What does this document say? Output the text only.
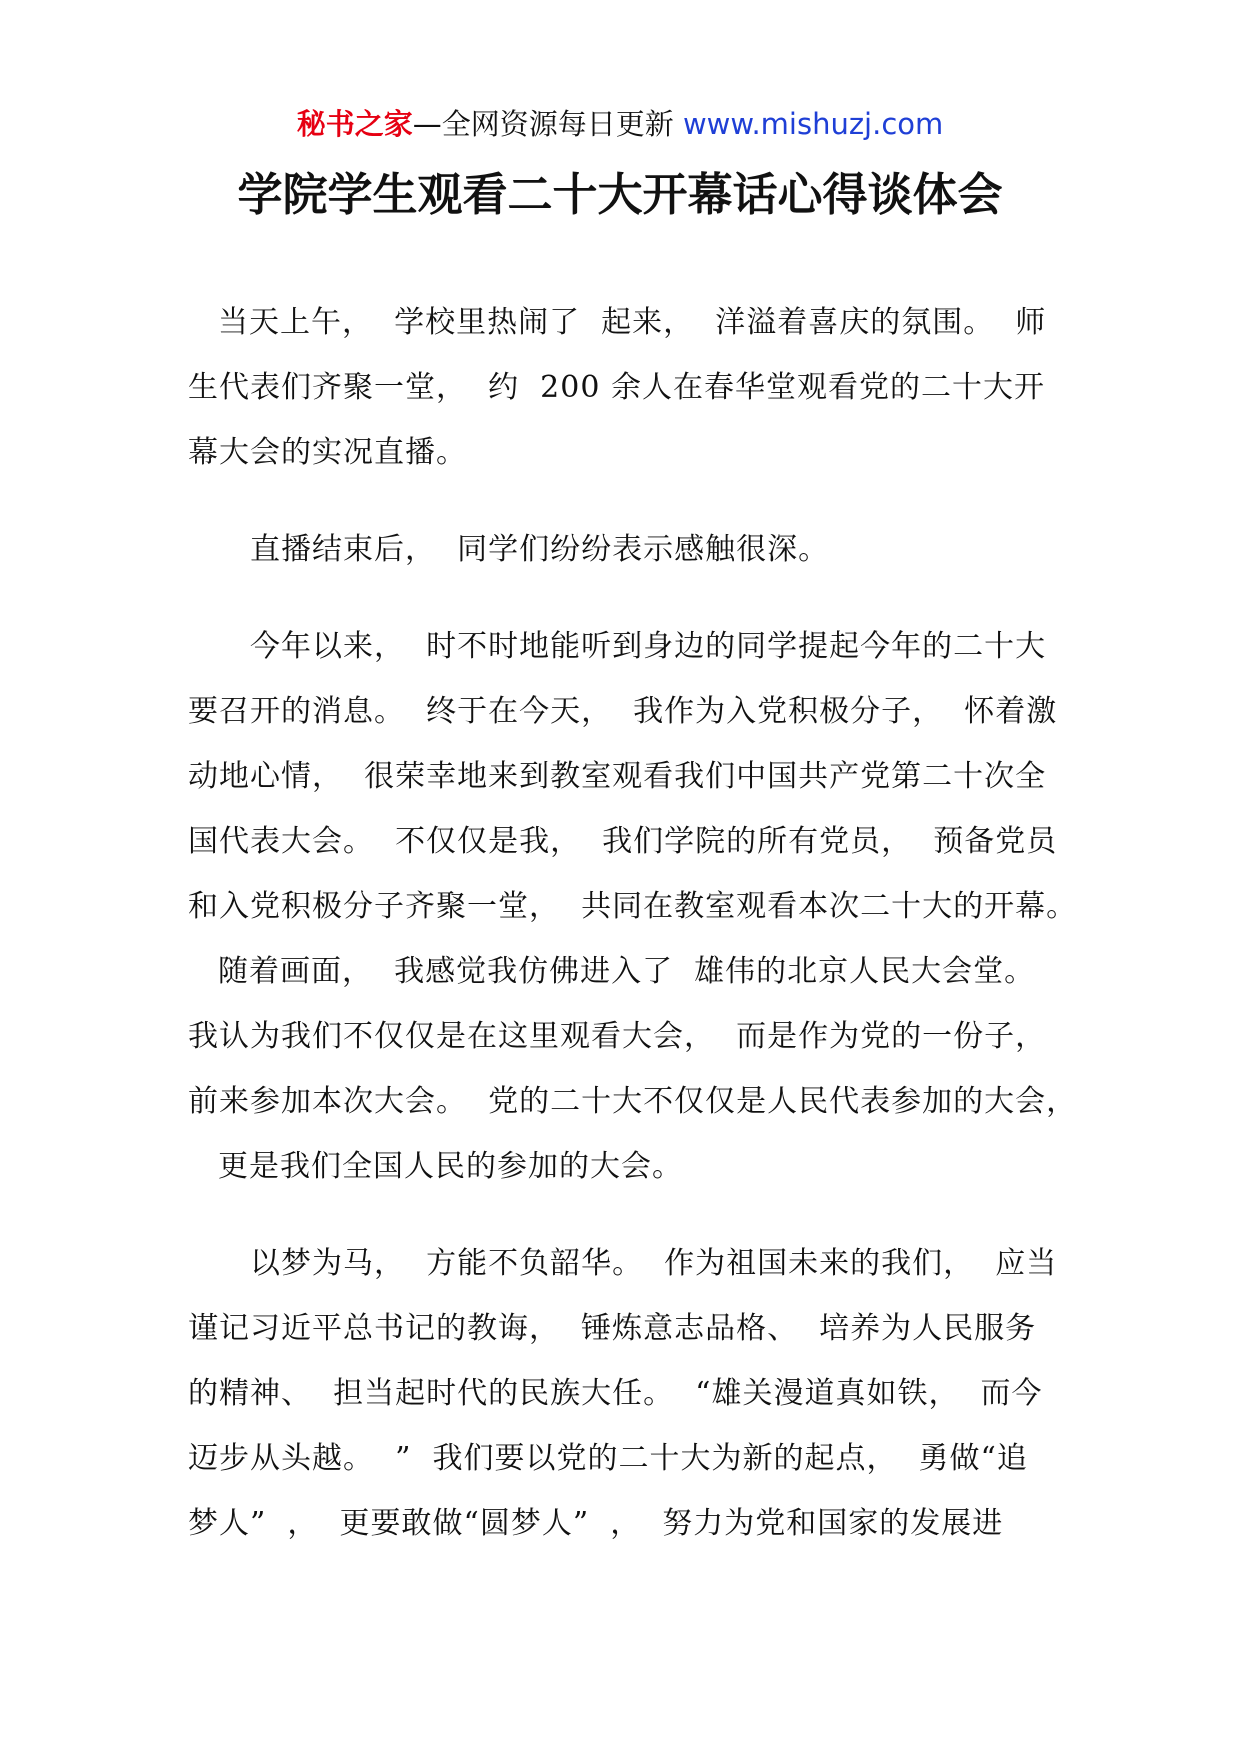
秘书之家—全网资源每日更新 www.mishuzj.com
学院学生观看二十大开幕话心得谈体会
当天上午，  学校里热闹了  起来，  洋溢着喜庆的氛围。  师
生代表们齐聚一堂，  约  200 余人在春华堂观看党的二十大开
幕大会的实况直播。
直播结束后，  同学们纷纷表示感触很深。
今年以来，  时不时地能听到身边的同学提起今年的二十大
要召开的消息。  终于在今天，  我作为入党积极分子，  怀着激
动地心情，  很荣幸地来到教室观看我们中国共产党第二十次全
国代表大会。  不仅仅是我，  我们学院的所有党员，  预备党员
和入党积极分子齐聚一堂，  共同在教室观看本次二十大的开幕。
随着画面，  我感觉我仿佛进入了  雄伟的北京人民大会堂。
我认为我们不仅仅是在这里观看大会，  而是作为党的一份子，
前来参加本次大会。  党的二十大不仅仅是人民代表参加的大会，
更是我们全国人民的参加的大会。
以梦为马，  方能不负韶华。  作为祖国未来的我们，  应当
谨记习近平总书记的教诲，  锤炼意志品格、  培养为人民服务
的精神、  担当起时代的民族大任。  “雄关漫道真如铁，  而今
迈步从头越。  ”  我们要以党的二十大为新的起点，  勇做“追
梦人”  ，  更要敢做“圆梦人”  ，  努力为党和国家的发展进
